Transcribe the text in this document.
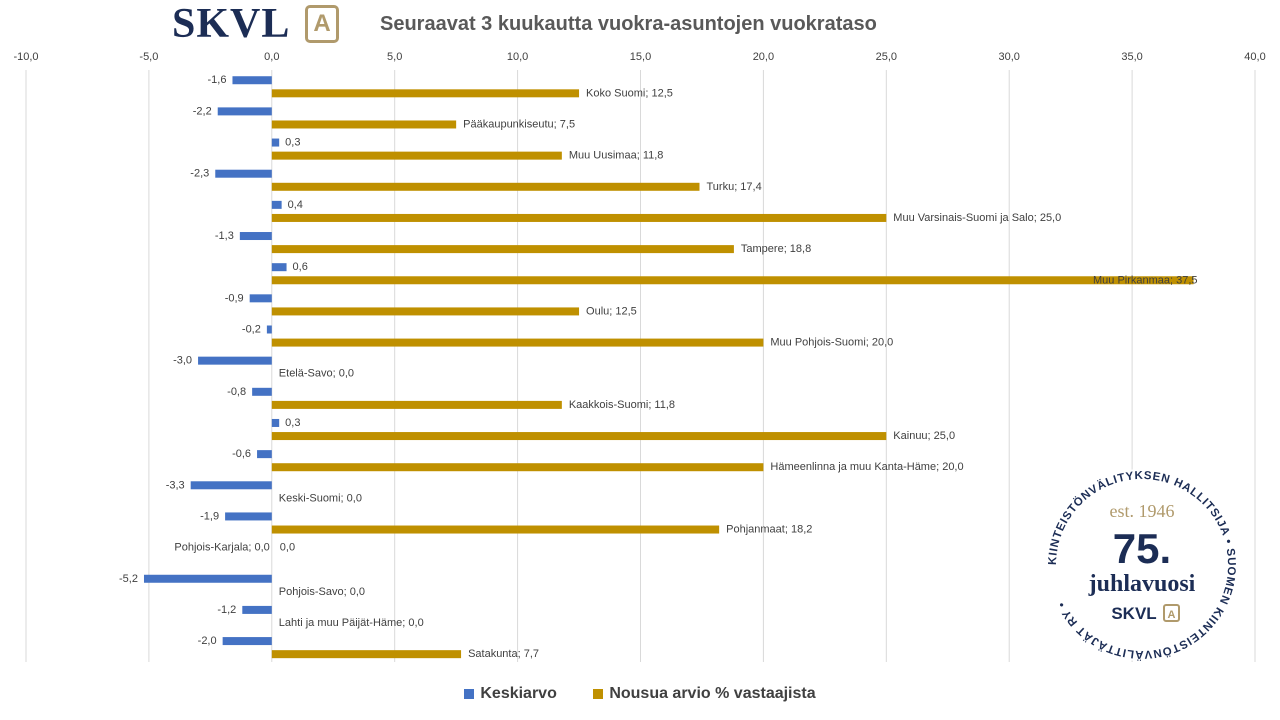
SKVL A	Seuraavat 3 kuukautta vuokra-asuntojen vuokrataso
-10,0	-5,0	0,0	5,0	10,0	15,0	20,0	25,0	30,0	35,0	40,0
-1,6
Koko Suomi; 12,5
-2,2
Pääkaupunkiseutu; 7,5
0,3
Muu Uusimaa; 11,8
-2,3
Turku; 17,4
0,4
Muu Varsinais-Suomi ja Salo; 25,0
-1,3
Tampere; 18,8
0,6
Muu Pirkanmaa; 37,5
-0,9
Oulu; 12,5
-0,2
Muu Pohjois-Suomi; 20,0
-3,0
Etelä-Savo; 0,0
-0,8
Kaakkois-Suomi; 11,8
0,3
Kainuu; 25,0
-0,6
Hämeenlinna ja muu Kanta-Häme; 20,0
-3,3
Keski-Suomi; 0,0
-1,9
Pohjanmaat; 18,2
0,0
Pohjois-Karjala; 0,0
-5,2
Pohjois-Savo; 0,0
-1,2
Lahti ja muu Päijät-Häme; 0,0
-2,0
Satakunta; 7,7
Keskiarvo
	Nousua arvio % vastaajista
KIINTEISTÖNVÄLITYKSEN HALLITSIJA • SUOMEN KIINTEISTÖNVÄLITTÄJÄT RY •
est. 1946
75.
juhlavuosi
SKVL A
